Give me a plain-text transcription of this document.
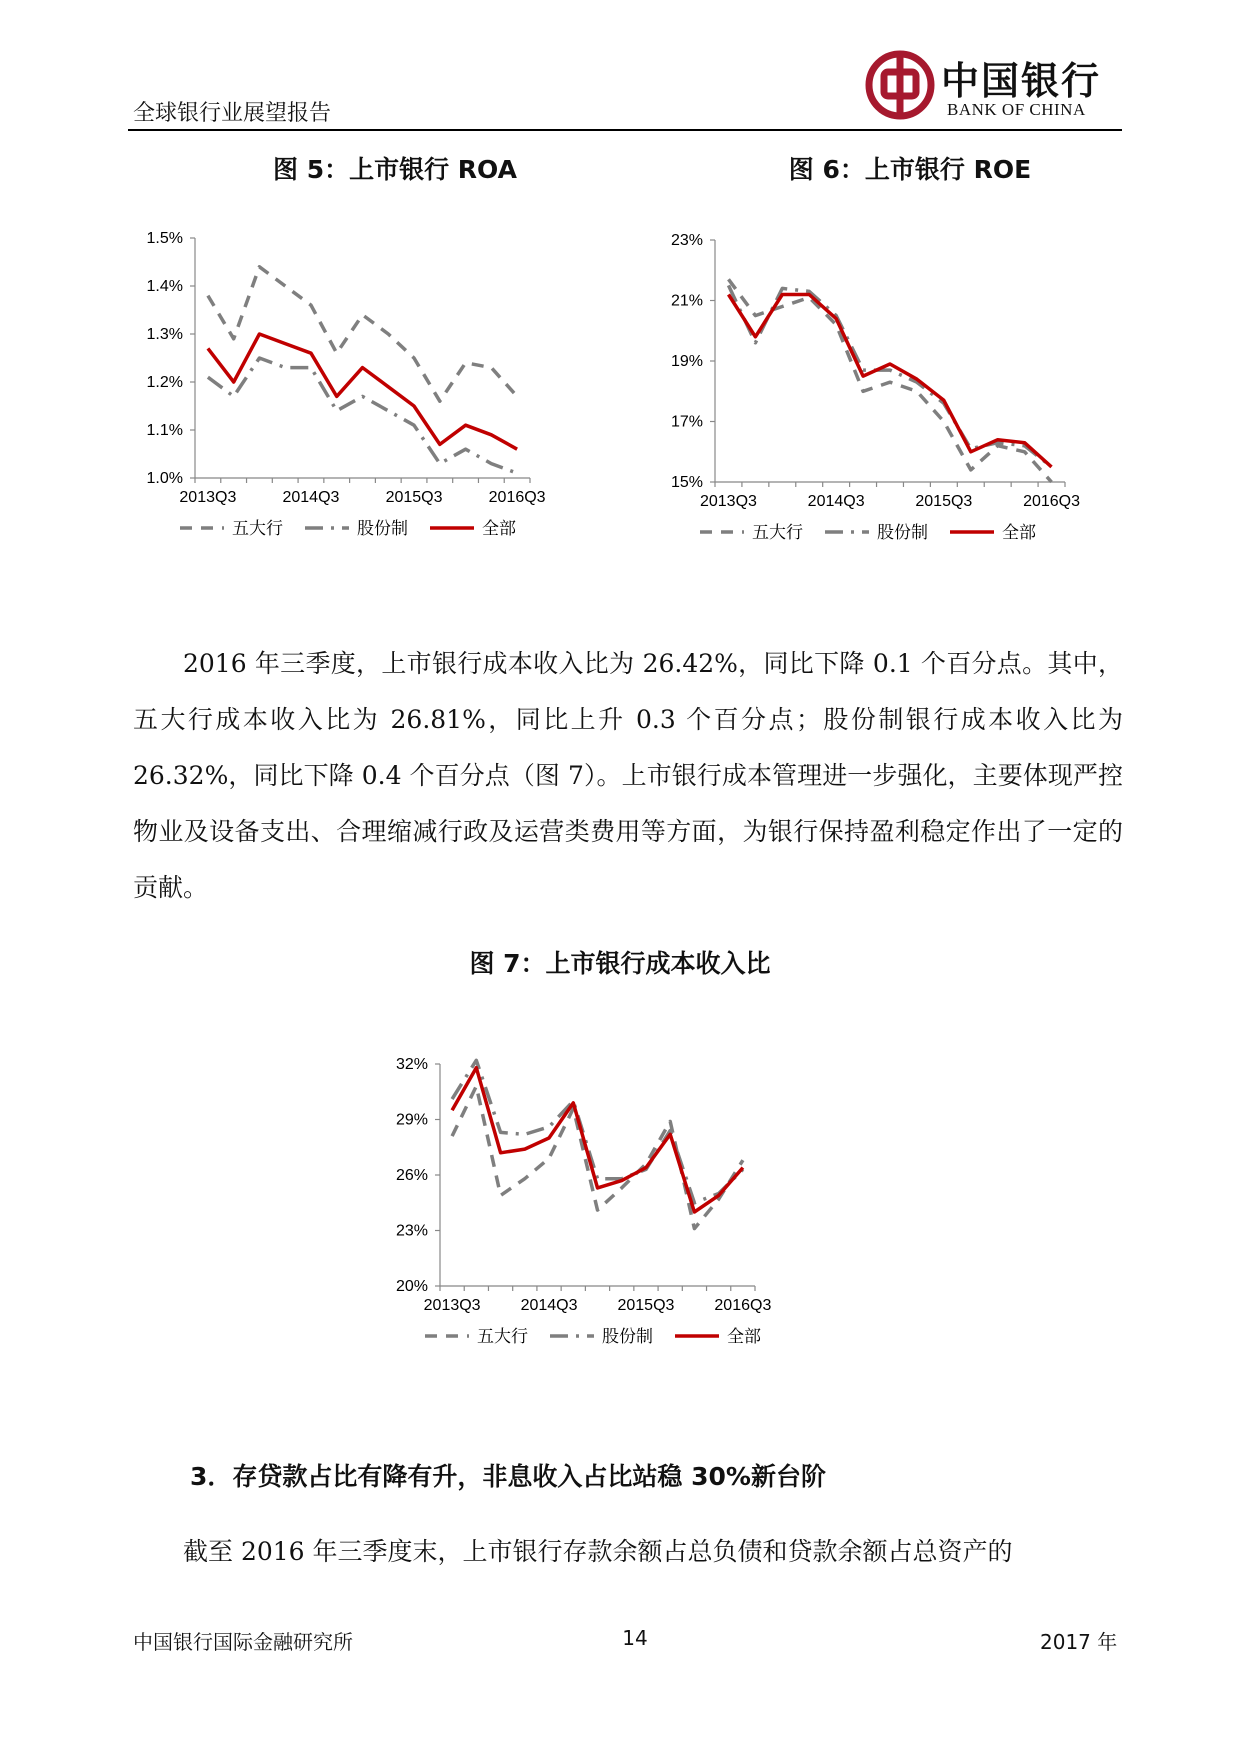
全球银行业展望报告
中国银行
BANK OF CHINA
图 5：上市银行 ROA	图 6：上市银行 ROE
图 7：上市银行成本收入比
1.0%
1.1%
1.2%
1.3%
1.4%
1.5%
2013Q3	2014Q3	2015Q3	2016Q3
五大行	股份制	全部
15%
17%
19%
21%
23%
2013Q3	2014Q3	2015Q3	2016Q3
五大行	股份制	全部
20%
23%
26%
29%
32%
2013Q3 2014Q3 2015Q3 2016Q3
五大行	股份制	全部

2016 年三季度，上市银行成本收入比为 26.42%，同比下降 0.1 个百分点。其中，五大行成本收入比为 26.81%，同比上升 0.3 个百分点；股份制银行成本收入比为 26.32%，同比下降 0.4 个百分点（图 7）。上市银行成本管理进一步强化，主要体现严控物业及设备支出、合理缩减行政及运营类费用等方面，为银行保持盈利稳定作出了一定的贡献。

3．存贷款占比有降有升，非息收入占比站稳 30%新台阶

截至 2016 年三季度末，上市银行存款余额占总负债和贷款余额占总资产的

中国银行国际金融研究所	14	2017 年
